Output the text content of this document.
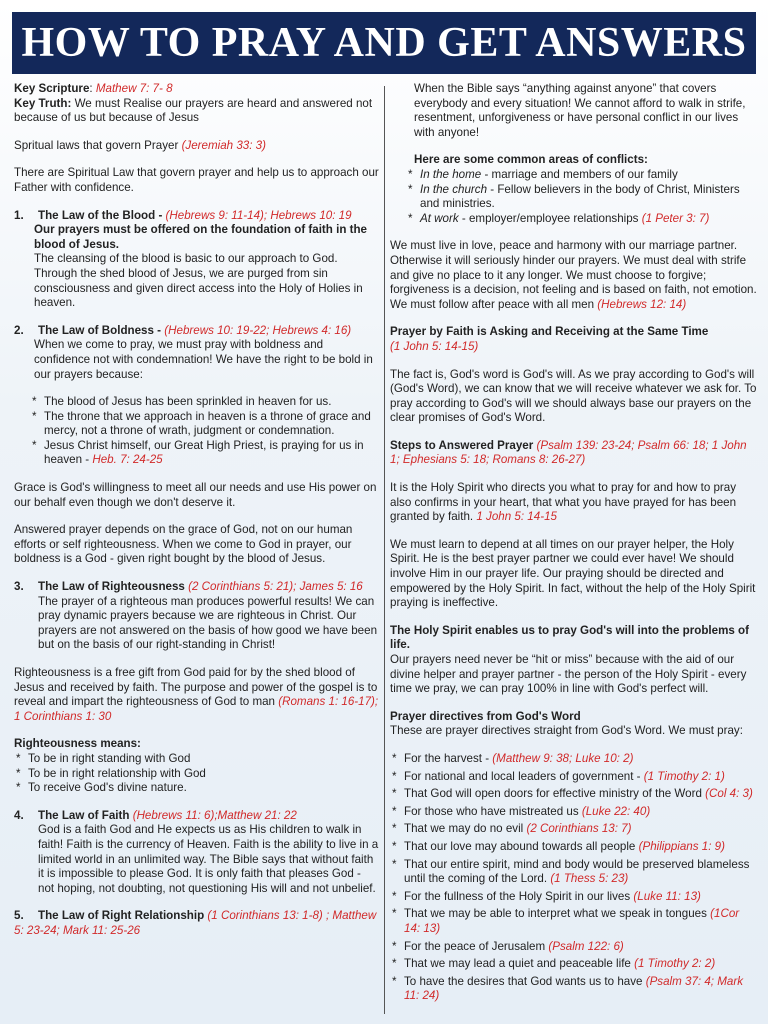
HOW TO PRAY AND GET ANSWERS

Key Scripture: Mathew 7: 7- 8
Key Truth: We must Realise our prayers are heard and answered not because of us but because of Jesus

Spritual laws that govern Prayer (Jeremiah 33: 3)

There are Spiritual Law that govern prayer and help us to approach our Father with confidence.

1. The Law of the Blood - (Hebrews 9: 11-14); Hebrews 10: 19
Our prayers must be offered on the foundation of faith in the blood of Jesus.
The cleansing of the blood is basic to our approach to God. Through the shed blood of Jesus, we are purged from sin consciousness and given direct access into the Holy of Holies in heaven.
2. The Law of Boldness - (Hebrews 10: 19-22; Hebrews 4: 16)
When we come to pray, we must pray with boldness and confidence not with condemnation! We have the right to be bold in our prayers because:
* The blood of Jesus has been sprinkled in heaven for us.
* The throne that we approach in heaven is a throne of grace and mercy, not a throne of wrath, judgment or condemnation.
* Jesus Christ himself, our Great High Priest, is praying for us in heaven - Heb. 7: 24-25

Grace is God's willingness to meet all our needs and use His power on our behalf even though we don't deserve it.

Answered prayer depends on the grace of God, not on our human efforts or self righteousness. When we come to God in prayer, our boldness is a God - given right bought by the blood of Jesus.

3. The Law of Righteousness (2 Corinthians 5: 21); James 5: 16
The prayer of a righteous man produces powerful results! We can pray dynamic prayers because we are righteous in Christ. Our prayers are not answered on the basis of how good we have been but on the basis of our right-standing in Christ!

Righteousness is a free gift from God paid for by the shed blood of Jesus and received by faith. The purpose and power of the gospel is to reveal and impart the righteousness of God to man (Romans 1: 16-17); 1 Corinthians 1: 30

Righteousness means:
* To be in right standing with God
* To be in right relationship with God
* To receive God's divine nature.
4. The Law of Faith (Hebrews 11: 6);Matthew 21: 22
God is a faith God and He expects us as His children to walk in faith! Faith is the currency of Heaven. Faith is the ability to live in a limited world in an unlimited way. The Bible says that without faith it is impossible to please God. It is only faith that pleases God - not hoping, not doubting, not questioning His will and not unbelief.
5. The Law of Right Relationship (1 Corinthians 13: 1-8) ; Matthew 5: 23-24; Mark 11: 25-26

When the Bible says “anything against anyone” that covers everybody and every situation! We cannot afford to walk in strife, resentment, unforgiveness or have personal conflict in our lives with anyone!

Here are some common areas of conflicts:
* In the home - marriage and members of our family
* In the church - Fellow believers in the body of Christ, Ministers and ministries.
* At work - employer/employee relationships (1 Peter 3: 7)

We must live in love, peace and harmony with our marriage partner. Otherwise it will seriously hinder our prayers. We must deal with strife and give no place to it any longer. We must choose to forgive; forgiveness is a decision, not feeling and is based on faith, not emotion. We must follow after peace with all men (Hebrews 12: 14)

Prayer by Faith is Asking and Receiving at the Same Time
(1 John 5: 14-15)

The fact is, God's word is God's will. As we pray according to God's will (God's Word), we can know that we will receive whatever we ask for. To pray according to God's will we should always base our prayers on the clear promises of God's Word.

Steps to Answered Prayer (Psalm 139: 23-24; Psalm 66: 18; 1 John 1; Ephesians 5: 18; Romans 8: 26-27)

It is the Holy Spirit who directs you what to pray for and how to pray also confirms in your heart, that what you have prayed for has been granted by faith. 1 John 5: 14-15

We must learn to depend at all times on our prayer helper, the Holy Spirit. He is the best prayer partner we could ever have! We should involve Him in our prayer life. Our praying should be directed and empowered by the Holy Spirit. In fact, without the help of the Holy Spirit praying is ineffective.

The Holy Spirit enables us to pray God's will into the problems of life.
Our prayers need never be “hit or miss” because with the aid of our divine helper and prayer partner - the person of the Holy Spirit - every time we pray, we can pray 100% in line with God's perfect will.

Prayer directives from God's Word
These are prayer directives straight from God's Word. We must pray:

* For the harvest - (Matthew 9: 38; Luke 10: 2)
* For national and local leaders of government - (1 Timothy 2: 1)
* That God will open doors for effective ministry of the Word (Col 4: 3)
* For those who have mistreated us (Luke 22: 40)
* That we may do no evil (2 Corinthians 13: 7)
* That our love may abound towards all people (Philippians 1: 9)
* That our entire spirit, mind and body would be preserved blameless until the coming of the Lord. (1 Thess 5: 23)
* For the fullness of the Holy Spirit in our lives (Luke 11: 13)
* That we may be able to interpret what we speak in tongues (1Cor 14: 13)
* For the peace of Jerusalem (Psalm 122: 6)
* That we may lead a quiet and peaceable life (1 Timothy 2: 2)
* To have the desires that God wants us to have (Psalm 37: 4; Mark 11: 24)
